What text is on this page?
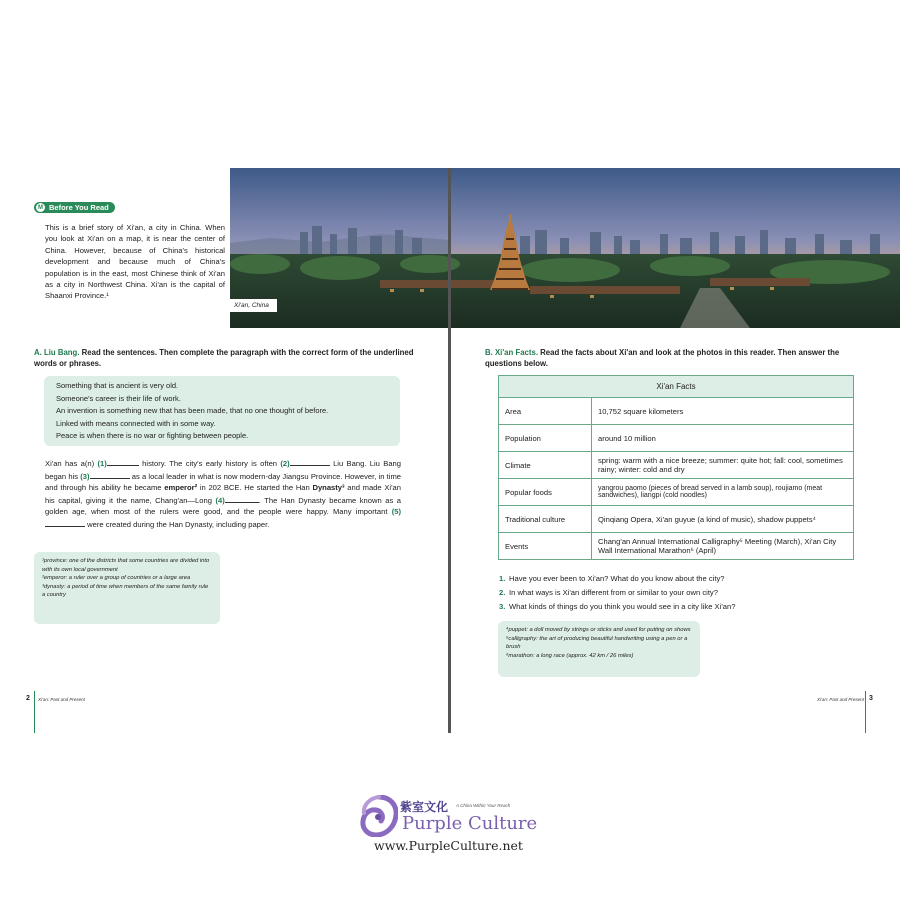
Xi'an, China
M Before You Read
This is a brief story of Xi'an, a city in China. When you look at Xi'an on a map, it is near the center of China. However, because of China's historical development and because much of China's population is in the east, most Chinese think of Xi'an as a city in Northwest China. Xi'an is the capital of Shaanxi Province.¹
A. Liu Bang. Read the sentences. Then complete the paragraph with the correct form of the underlined words or phrases.
Something that is ancient is very old.
Someone's career is their life of work.
An invention is something new that has been made, that no one thought of before.
Linked with means connected with in some way.
Peace is when there is no war or fighting between people.
Xi'an has a(n) (1)	history. The city's early history is often (2)	Liu Bang. Liu Bang began his (3)	as a local leader in what is now modern-day Jiangsu Province. However, in time and through his ability he became emperor² in 202 BCE. He started the Han Dynasty³ and made Xi'an his capital, giving it the name, Chang'an—Long (4)	. The Han Dynasty became known as a golden age, when most of the rulers were good, and the people were happy. Many important (5) were created during the Han Dynasty, including paper.
¹province: one of the districts that some countries are divided into with its own local government
²emperor: a ruler over a group of countries or a large area
³dynasty: a period of time when members of the same family rule a country
B. Xi'an Facts. Read the facts about Xi'an and look at the photos in this reader. Then answer the questions below.
Xi'an Facts	
Area	10,752 square kilometers
Population	around 10 million
Climate	spring: warm with a nice breeze; summer: quite hot; fall: cool, sometimes rainy; winter: cold and dry
Popular foods	yangrou paomo (pieces of bread served in a lamb soup), roujiamo (meat sandwiches), liangpi (cold noodles)
Traditional culture	Qinqiang Opera, Xi'an guyue (a kind of music), shadow puppets⁴
Events	Chang'an Annual International Calligraphy⁵ Meeting (March), Xi'an City Wall International Marathon⁶ (April)
1. Have you ever been to Xi'an? What do you know about the city?
2. In what ways is Xi'an different from or similar to your own city?
3. What kinds of things do you think you would see in a city like Xi'an?
⁴puppet: a doll moved by strings or sticks and used for putting on shows
⁵calligraphy: the art of producing beautiful handwriting using a pen or a brush
⁶marathon: a long race (approx. 42 km / 26 miles)
2 Xi'an: Past and Present	Xi'an: Past and Present 3
紫室文化 A China Within Your Reach
Purple Culture
www.PurpleCulture.net
